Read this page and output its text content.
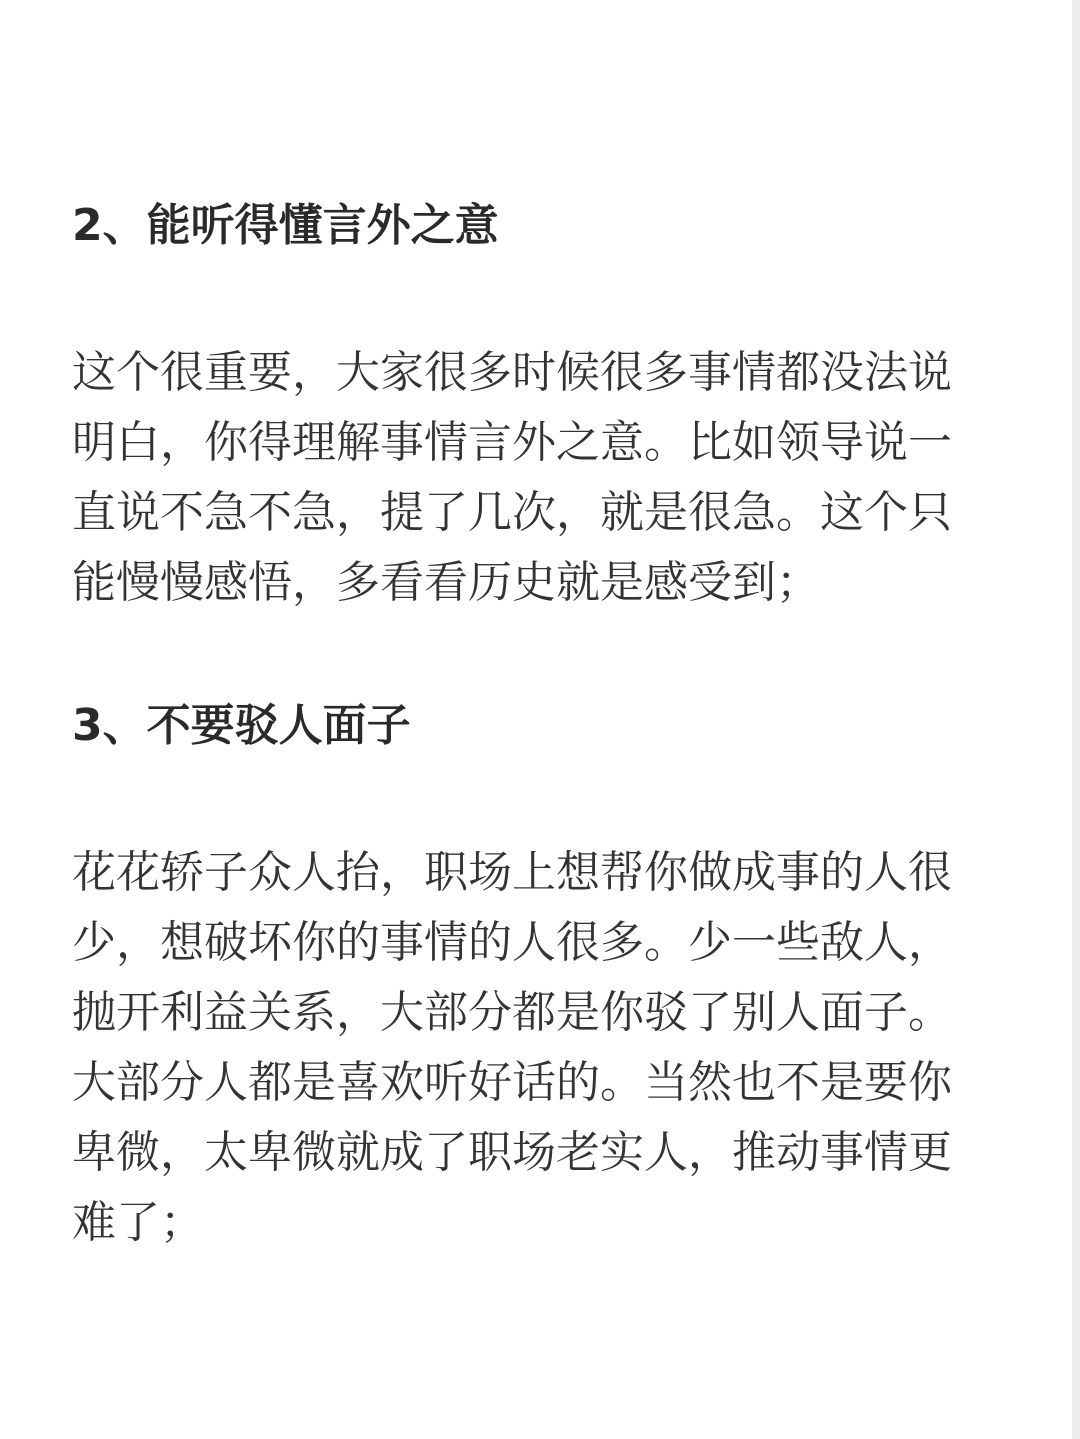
2、能听得懂言外之意
这个很重要，大家很多时候很多事情都没法说
明白，你得理解事情言外之意。比如领导说一
直说不急不急，提了几次，就是很急。这个只
能慢慢感悟，多看看历史就是感受到；
3、不要驳人面子
花花轿子众人抬，职场上想帮你做成事的人很
少，想破坏你的事情的人很多。少一些敌人，
抛开利益关系，大部分都是你驳了别人面子。
大部分人都是喜欢听好话的。当然也不是要你
卑微，太卑微就成了职场老实人，推动事情更
难了；
